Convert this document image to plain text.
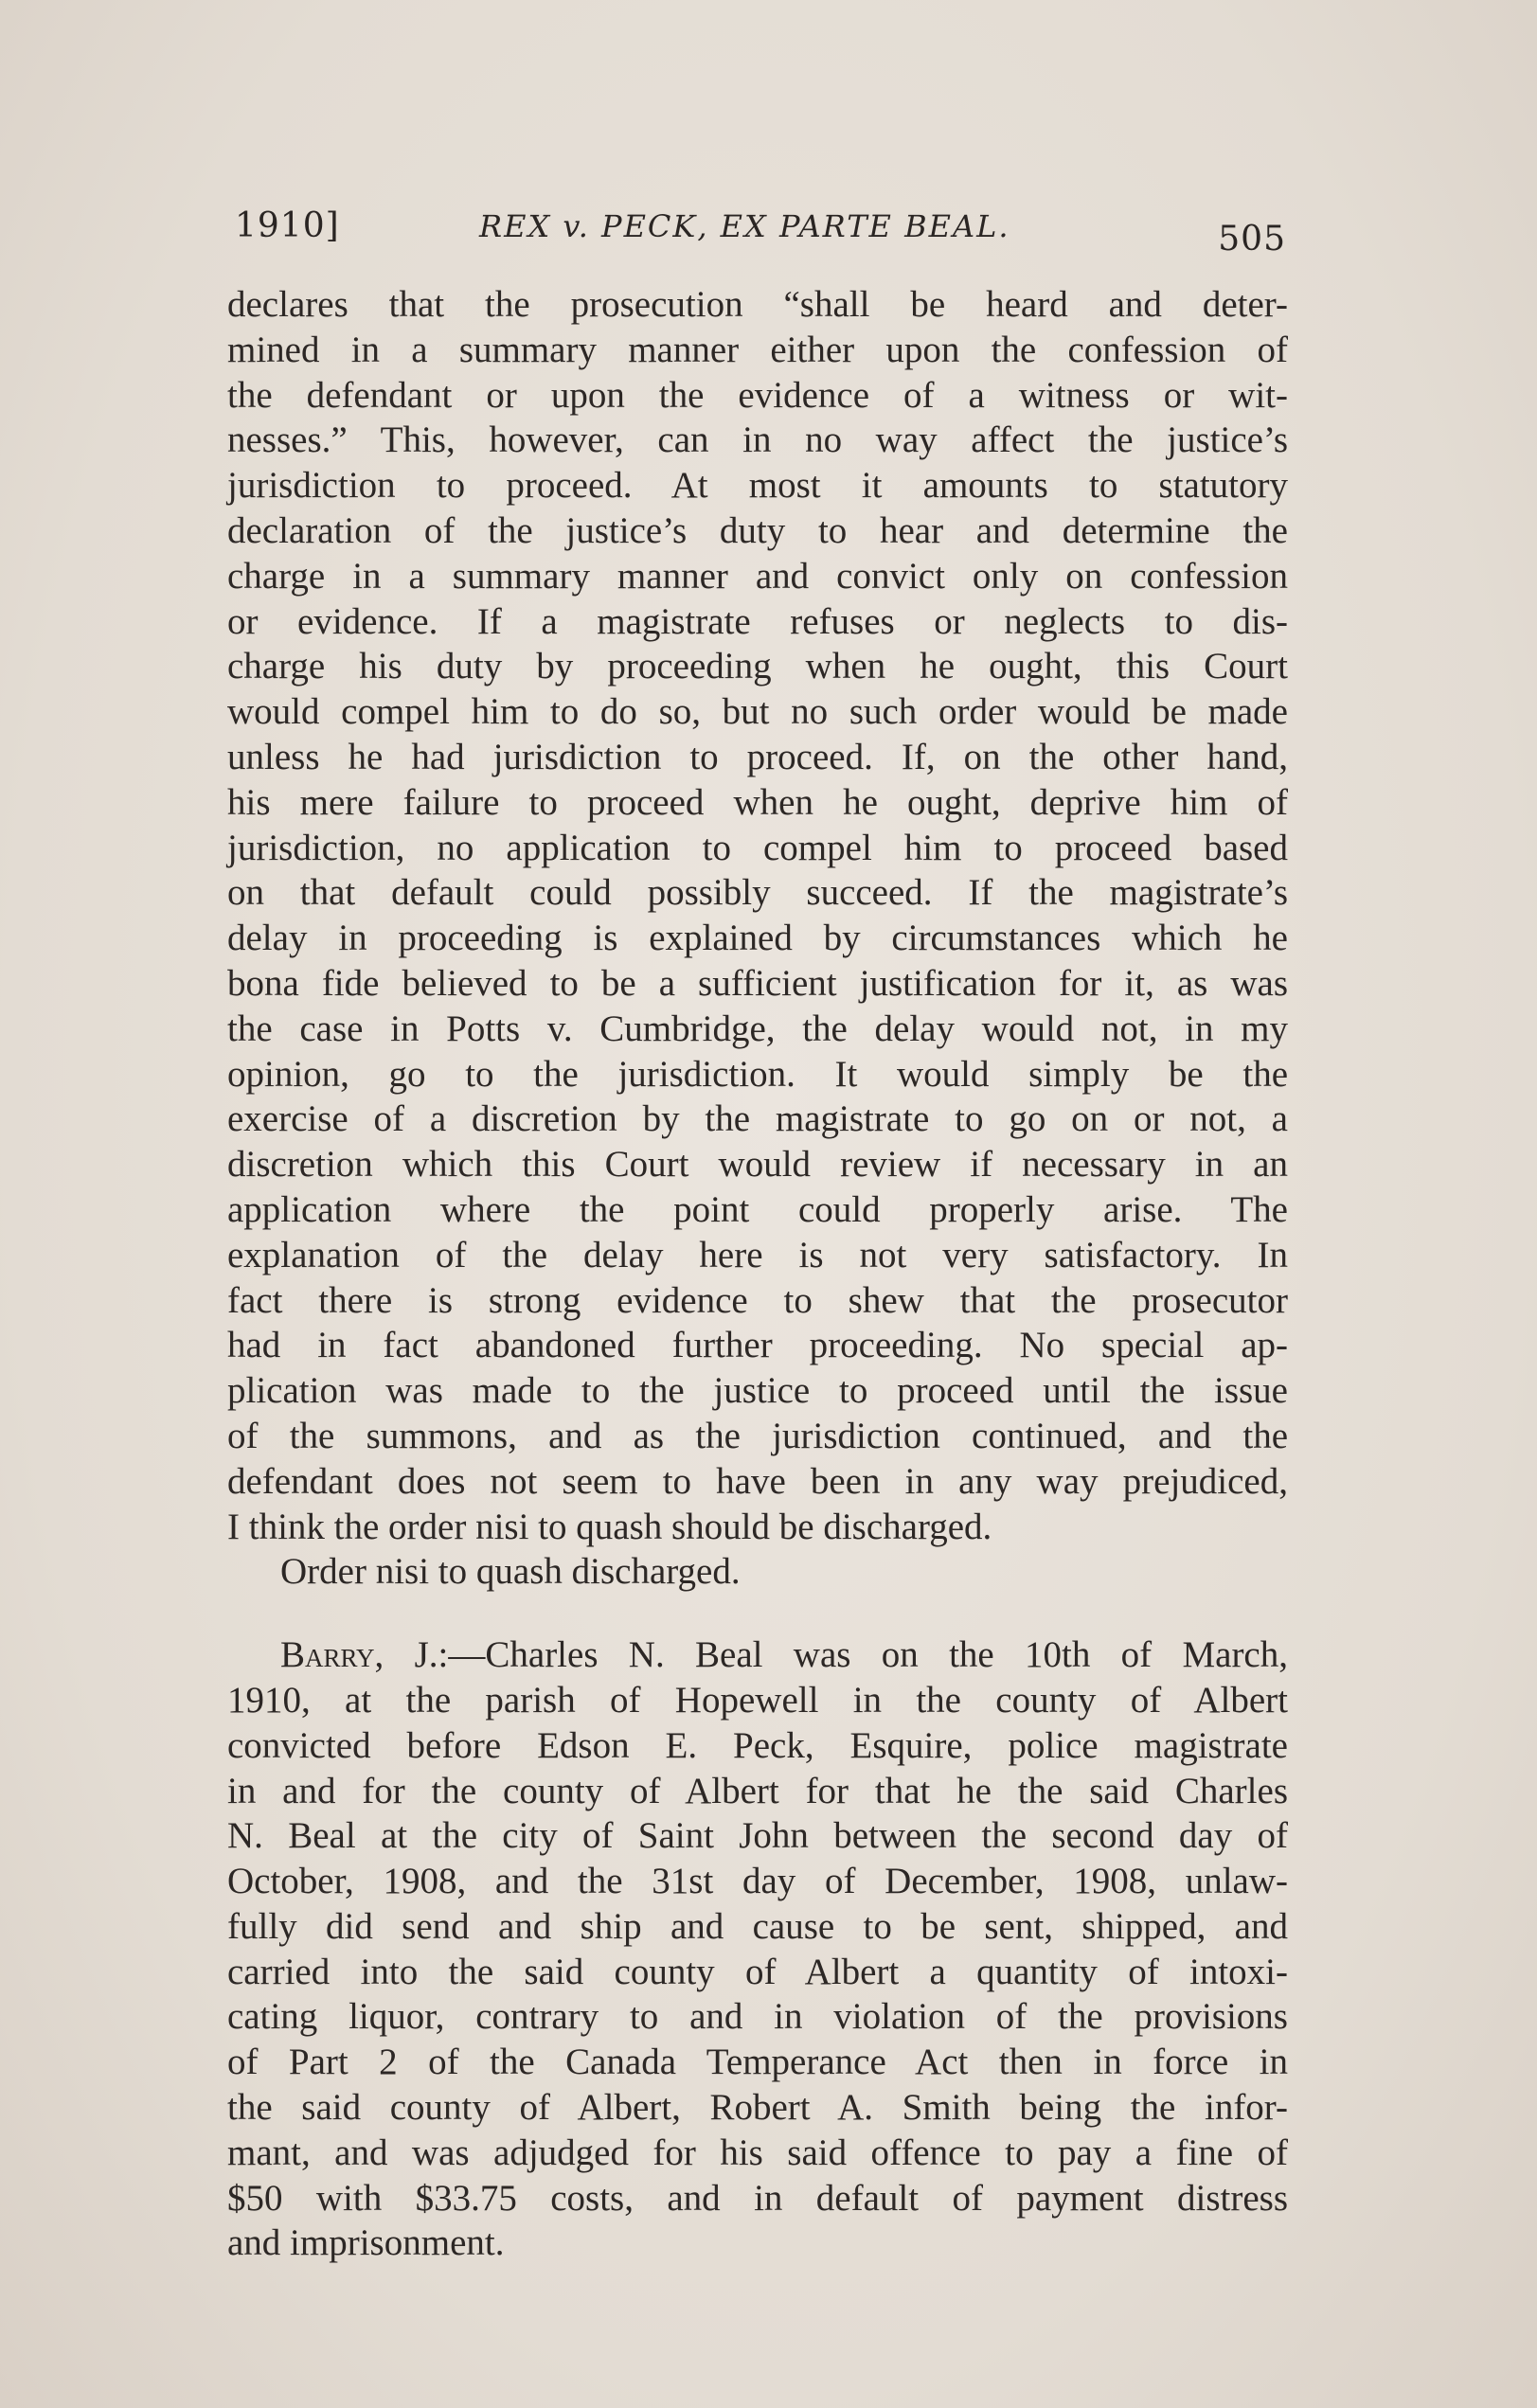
1910]	REX v. PECK, EX PARTE BEAL.	505
declares that the prosecution “shall be heard and deter-
mined in a summary manner either upon the confession of
the defendant or upon the evidence of a witness or wit-
nesses.” This, however, can in no way affect the justice’s
jurisdiction to proceed. At most it amounts to statutory
declaration of the justice’s duty to hear and determine the
charge in a summary manner and convict only on confession
or evidence. If a magistrate refuses or neglects to dis-
charge his duty by proceeding when he ought, this Court
would compel him to do so, but no such order would be made
unless he had jurisdiction to proceed. If, on the other hand,
his mere failure to proceed when he ought, deprive him of
jurisdiction, no application to compel him to proceed based
on that default could possibly succeed. If the magistrate’s
delay in proceeding is explained by circumstances which he
bona fide believed to be a sufficient justification for it, as was
the case in Potts v. Cumbridge, the delay would not, in my
opinion, go to the jurisdiction. It would simply be the
exercise of a discretion by the magistrate to go on or not, a
discretion which this Court would review if necessary in an
application where the point could properly arise. The
explanation of the delay here is not very satisfactory. In
fact there is strong evidence to shew that the prosecutor
had in fact abandoned further proceeding. No special ap-
plication was made to the justice to proceed until the issue
of the summons, and as the jurisdiction continued, and the
defendant does not seem to have been in any way prejudiced,
I think the order nisi to quash should be discharged.
Order nisi to quash discharged.
Barry, J.:—Charles N. Beal was on the 10th of March,
1910, at the parish of Hopewell in the county of Albert
convicted before Edson E. Peck, Esquire, police magistrate
in and for the county of Albert for that he the said Charles
N. Beal at the city of Saint John between the second day of
October, 1908, and the 31st day of December, 1908, unlaw-
fully did send and ship and cause to be sent, shipped, and
carried into the said county of Albert a quantity of intoxi-
cating liquor, contrary to and in violation of the provisions
of Part 2 of the Canada Temperance Act then in force in
the said county of Albert, Robert A. Smith being the infor-
mant, and was adjudged for his said offence to pay a fine of
$50 with $33.75 costs, and in default of payment distress
and imprisonment.
